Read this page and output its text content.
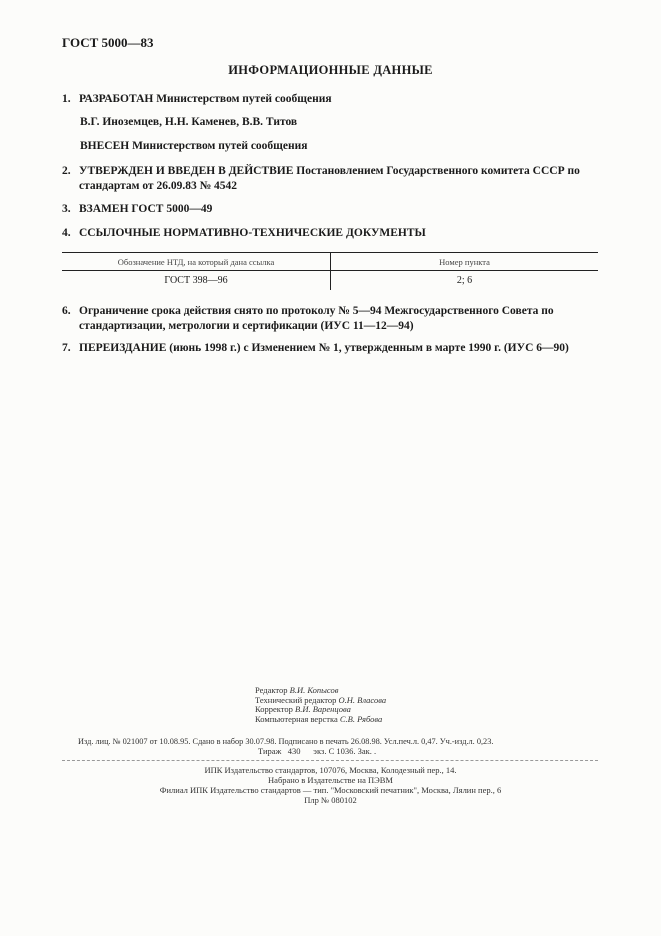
ГОСТ 5000—83
ИНФОРМАЦИОННЫЕ ДАННЫЕ
1. РАЗРАБОТАН Министерством путей сообщения
В.Г. Иноземцев, Н.Н. Каменев, В.В. Титов
ВНЕСЕН Министерством путей сообщения
2. УТВЕРЖДЕН И ВВЕДЕН В ДЕЙСТВИЕ Постановлением Государственного комитета СССР по
стандартам от 26.09.83 № 4542
3. ВЗАМЕН ГОСТ 5000—49
4. ССЫЛОЧНЫЕ НОРМАТИВНО-ТЕХНИЧЕСКИЕ ДОКУМЕНТЫ
Обозначение НТД, на который дана ссылка	Номер пункта
ГОСТ 398—96	2; 6
6. Ограничение срока действия снято по протоколу № 5—94 Межгосударственного Совета по
стандартизации, метрологии и сертификации (ИУС 11—12—94)
7. ПЕРЕИЗДАНИЕ (июнь 1998 г.) с Изменением № 1, утвержденным в марте 1990 г. (ИУС 6—90)
Редактор В.И. Копысов
Технический редактор О.Н. Власова
Корректор В.И. Варенцова
Компьютерная верстка С.В. Рябова
Изд. лиц. № 021007 от 10.08.95. Сдано в набор 30.07.98. Подписано в печать 26.08.98. Усл.печ.л. 0,47. Уч.-изд.л. 0,23.
Тираж   430      экз. С 1036. Зак. .
ИПК Издательство стандартов, 107076, Москва, Колодезный пер., 14.
Набрано в Издательстве на ПЭВМ
Филиал ИПК Издательство стандартов — тип. "Московский печатник", Москва, Лялин пер., 6
Плр № 080102
